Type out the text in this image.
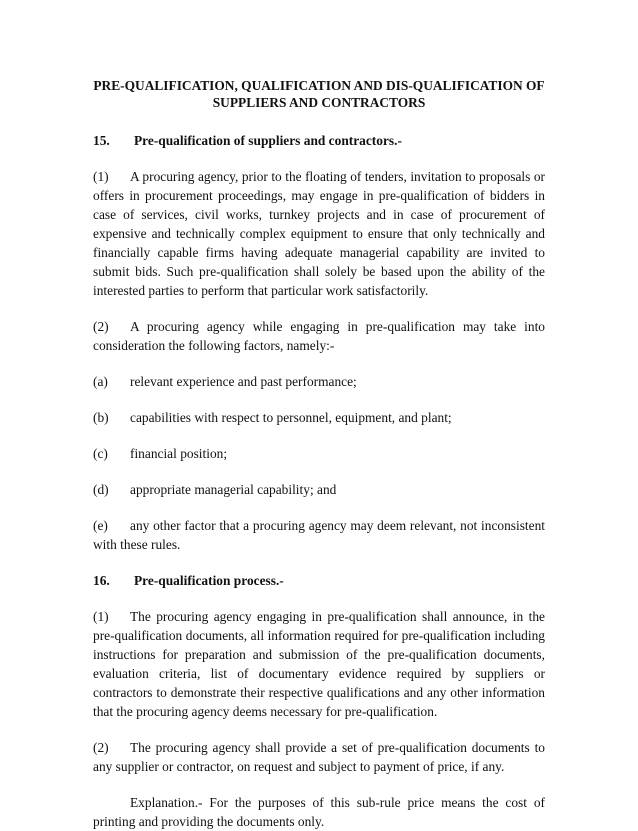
PRE-QUALIFICATION, QUALIFICATION AND DIS-QUALIFICATION OF
SUPPLIERS AND CONTRACTORS
15.	Pre-qualification of suppliers and contractors.-

(1) A procuring agency, prior to the floating of tenders, invitation to proposals or offers in procurement proceedings, may engage in pre-qualification of bidders in case of services, civil works, turnkey projects and in case of procurement of expensive and technically complex equipment to ensure that only technically and financially capable firms having adequate managerial capability are invited to submit bids. Such pre-qualification shall solely be based upon the ability of the interested parties to perform that particular work satisfactorily.

(2) A procuring agency while engaging in pre-qualification may take into consideration the following factors, namely:-

(a)	relevant experience and past performance;
(b)	capabilities with respect to personnel, equipment, and plant;
(c)	financial position;
(d)	appropriate managerial capability; and

(e) any other factor that a procuring agency may deem relevant, not inconsistent with these rules.

16.	Pre-qualification process.-

(1) The procuring agency engaging in pre-qualification shall announce, in the pre-qualification documents, all information required for pre-qualification including instructions for preparation and submission of the pre-qualification documents, evaluation criteria, list of documentary evidence required by suppliers or contractors to demonstrate their respective qualifications and any other information that the procuring agency deems necessary for pre-qualification.

(2) The procuring agency shall provide a set of pre-qualification documents to any supplier or contractor, on request and subject to payment of price, if any.

Explanation.- For the purposes of this sub-rule price means the cost of printing and providing the documents only.
